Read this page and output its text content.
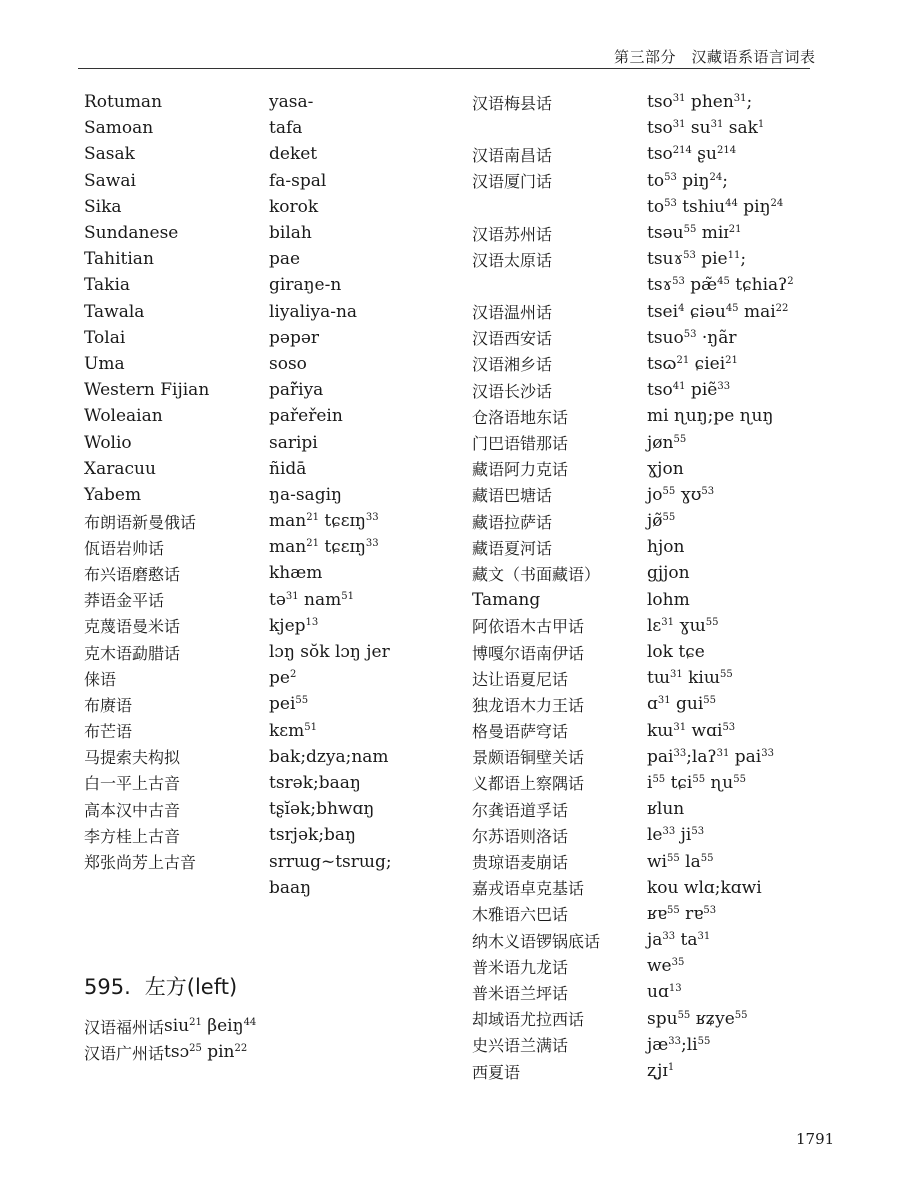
第三部分　汉藏语系语言词表
Rotuman	yasa-
Samoan	tafa
Sasak	deket
Sawai	fa-spal
Sika	korok
Sundanese	bilah
Tahitian	pae
Takia	giraŋe-n
Tawala	liyaliya-na
Tolai	pəpər
Uma	soso
Western Fijian	pař̃iya
Woleaian	pařeřein
Wolio	saripi
Xaracuu	ñidā
Yabem	ŋa-sagiŋ
布朗语新曼俄话	man$^{21}$ tɕɛɪŋ$^{33}$
佤语岩帅话	man$^{21}$ tɕɛɪŋ$^{33}$
布兴语磨憨话	khæm
莽语金平话	tə$^{31}$ nam$^{51}$
克蔑语曼米话	kjep$^{13}$
克木语勐腊话	lɔŋ sŏk lɔŋ jer
俫语	$pe^2$
布赓语	pei$^{55}$
布芒语	kɛm$^{51}$
马提索夫构拟	bak;dzya;nam
白一平上古音	tsrək;baaŋ
高本汉中古音	tʂĭək;bhwɑŋ
李方桂上古音	tsrjək;baŋ
郑张尚芳上古音	srrɯg~tsrɯg;
baaŋ
595. 左方(left)
汉语福州话 siu$^{21}$ βeiŋ$^{44}$
汉语广州话 tsɔ$^{25}$ pin$^{22}$
汉语梅县话	tso$^{31}$ phen$^{31}$;
tso$^{31}$ $su^{31}$ sak$^1$
汉语南昌话	tso$^{214}$ ʂu$^{214}$
汉语厦门话	$to^{53}$ piŋ$^{24}$;
$to^{53}$ tshiu$^{44}$ piŋ$^{24}$
汉语苏州话	tsəu$^{55}$ miɪ$^{21}$
汉语太原话	tsuɤ$^{53}$ pie$^{11}$;
tsɤ$^{53}$ pæ̃$^{45}$ tɕhiaʔ$^2$
汉语温州话	tsei$^4$ ɕiəu$^{45}$ mai$^{22}$
汉语西安话	tsuo$^{53}$ ·ŋãr
汉语湘乡话	tsɷ$^{21}$ ɕiei$^{21}$
汉语长沙话	tso$^{41}$ piẽ$^{33}$
仓洛语地东话	mi ɳuŋ;pe ɳuŋ
门巴语错那话	jøn$^{55}$
藏语阿力克话	ɣjon
藏语巴塘话	$jo^{55}$ ɣʊ$^{53}$
藏语拉萨话	jø̃$^{55}$
藏语夏河话	hjon
藏文（书面藏语）	gjjon
Tamang	lohm
阿依语木古甲话	lɛ$^{31}$ ɣɯ$^{55}$
博嘎尔语南伊话	lok tɕe
达让语夏尼话	tɯ$^{31}$ kiɯ$^{55}$
独龙语木力王话	ɑ$^{31}$ gui$^{55}$
格曼语萨穹话	kɯ$^{31}$ wɑi$^{53}$
景颇语铜壁关话	pai$^{33}$;laʔ$^{31}$ pai$^{33}$
义都语上察隅话	$i^{55}$ tɕi$^{55}$ ɳu$^{55}$
尔龚语道孚话	ʁlun
尔苏语则洛话	$le^{33}$ $ji^{53}$
贵琼语麦崩话	$wi^{55}$ $la^{55}$
嘉戎语卓克基话	kou wlɑ;kɑwi
木雅语六巴话	ʁɐ$^{55}$ rɐ$^{53}$
纳木义语锣锅底话	$ja^{33}$ $ta^{31}$
普米语九龙话	$we^{35}$
普米语兰坪话	uɑ$^{13}$
却域语尤拉西话	spu$^{55}$ ʁʑye$^{55}$
史兴语兰满话	$jæ^{33};li^{55}$
西夏语	ʐjɪ$^1$
1791
